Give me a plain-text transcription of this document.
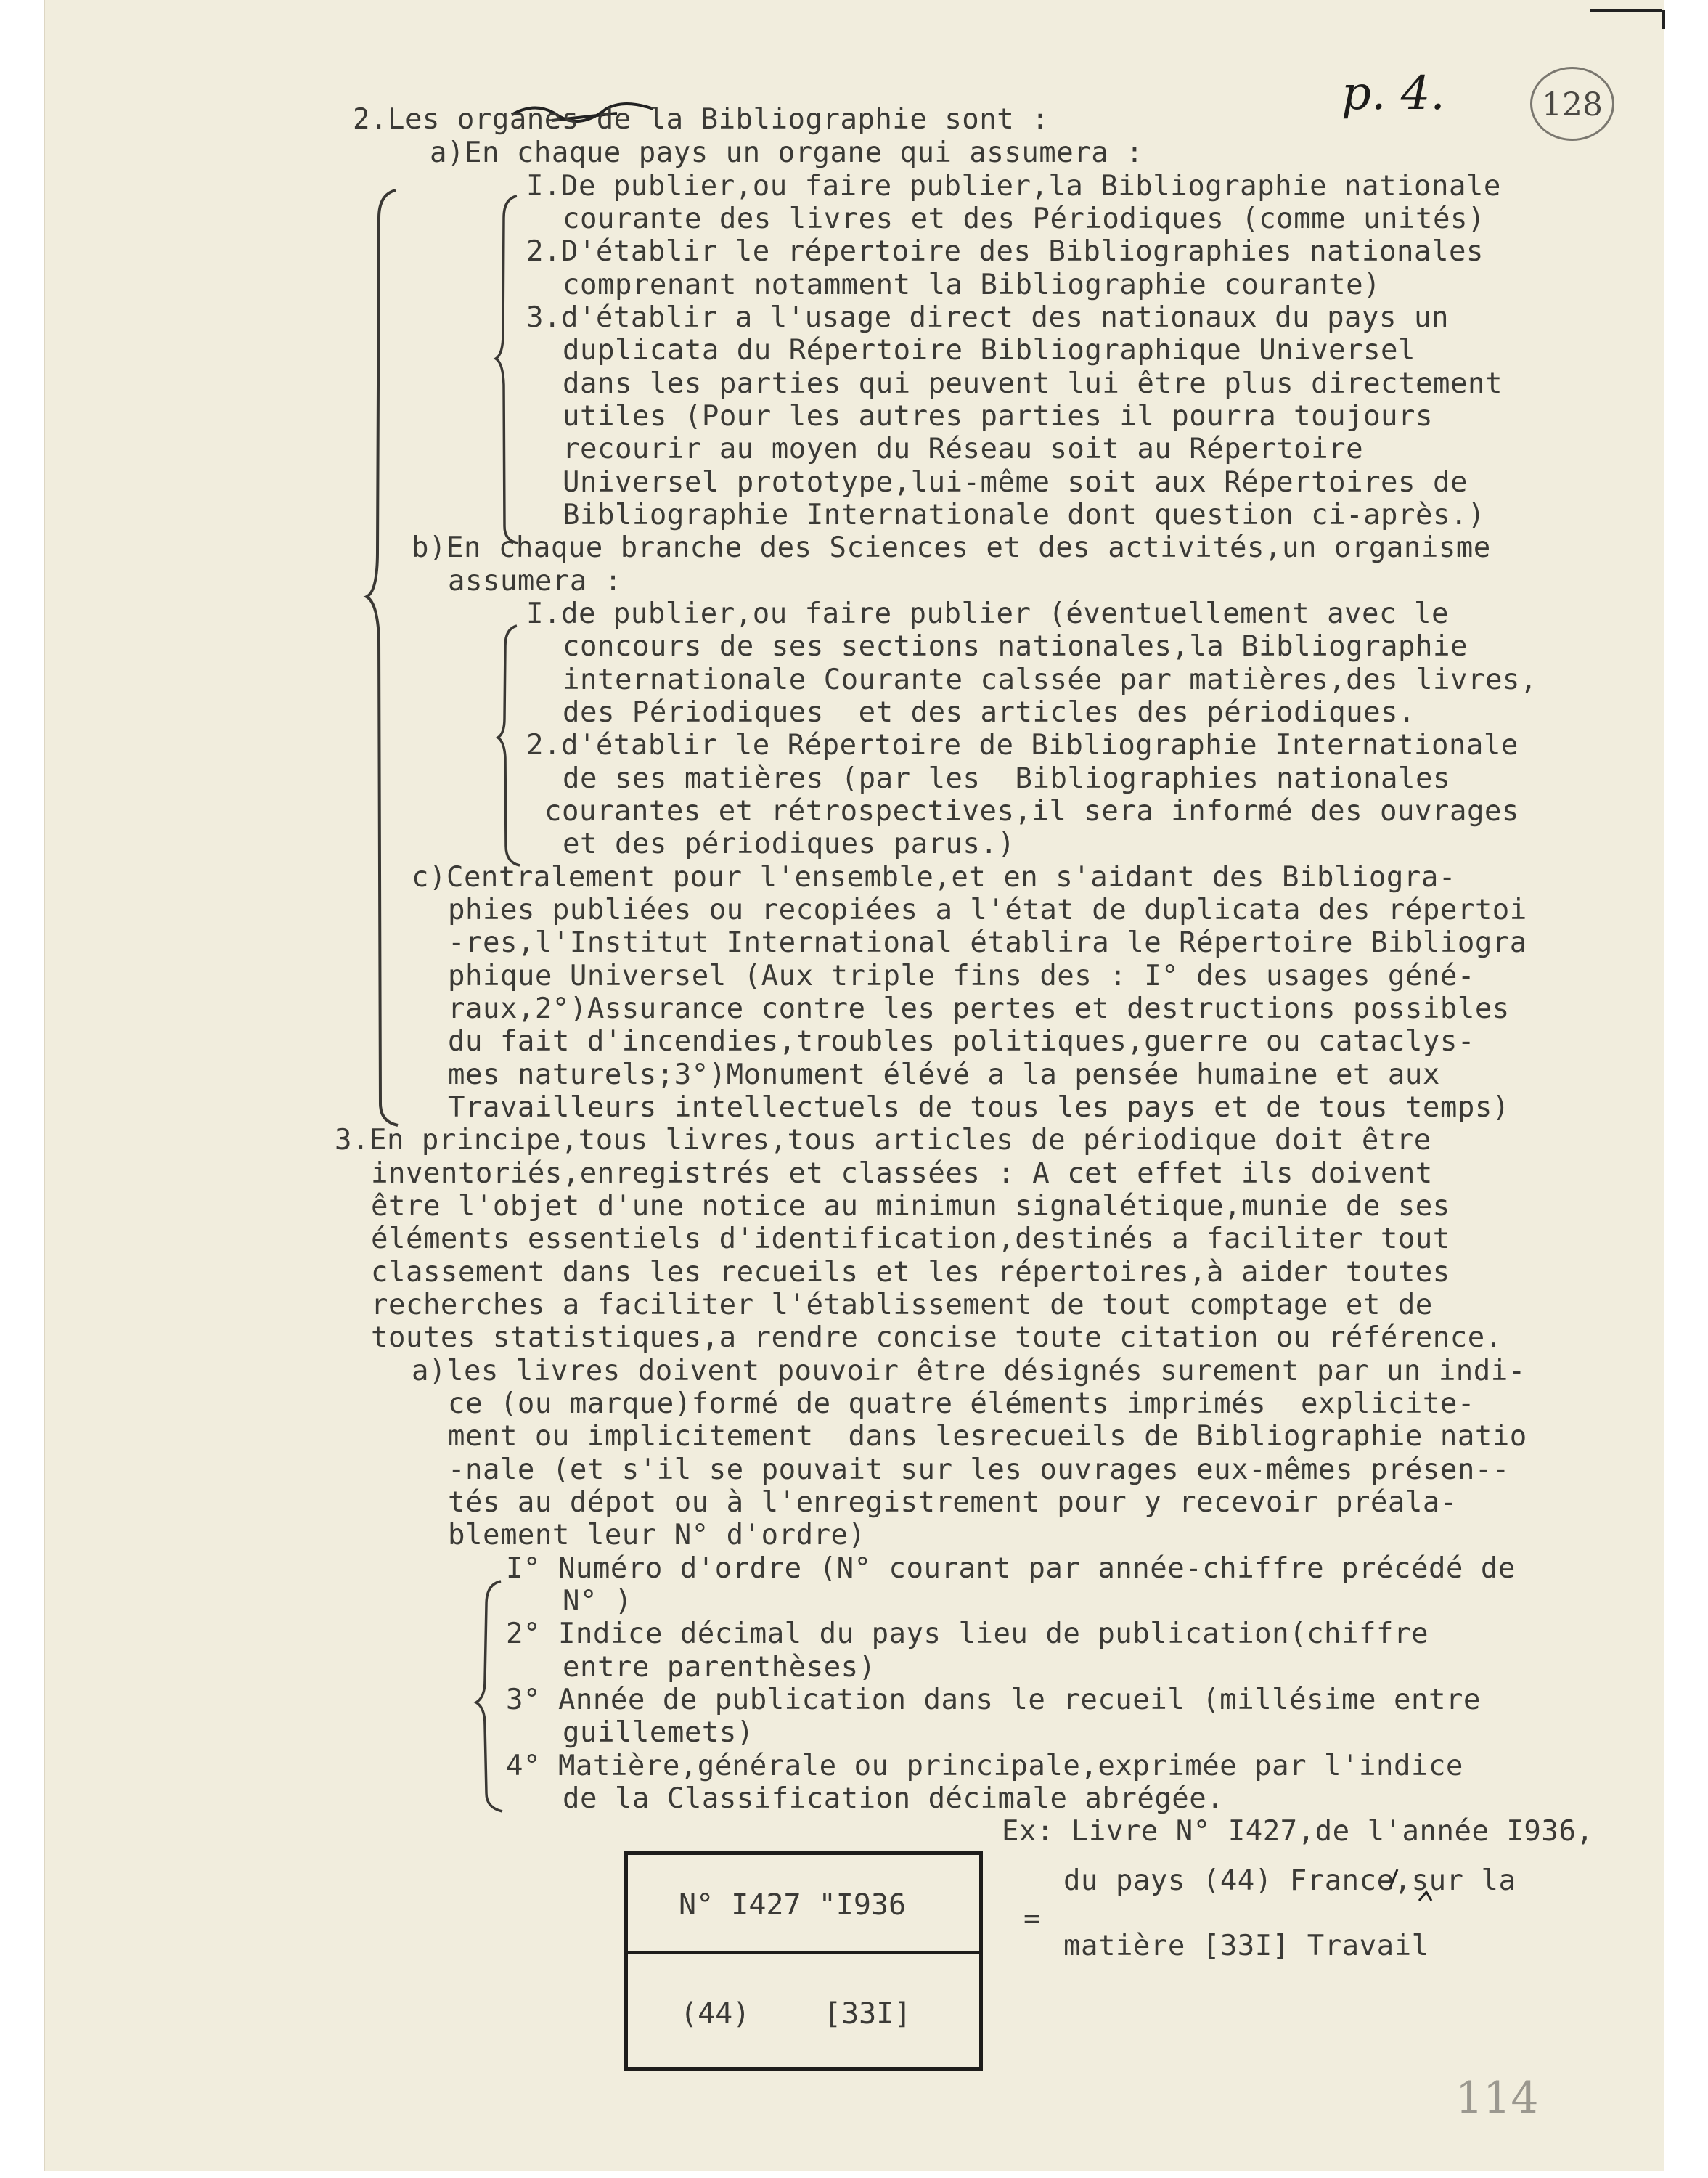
p. 4.	128
2.Les organes de la Bibliographie sont :
a)En chaque pays un organe qui assumera :
I.De publier,ou faire publier,la Bibliographie nationale
courante des livres et des Périodiques (comme unités)
2.D'établir le répertoire des Bibliographies nationales
comprenant notamment la Bibliographie courante)
3.d'établir a l'usage direct des nationaux du pays un
duplicata du Répertoire Bibliographique Universel
dans les parties qui peuvent lui être plus directement
utiles (Pour les autres parties il pourra toujours
recourir au moyen du Réseau soit au Répertoire
Universel prototype,lui-même soit aux Répertoires de
Bibliographie Internationale dont question ci-après.)
b)En chaque branche des Sciences et des activités,un organisme
assumera :
I.de publier,ou faire publier (éventuellement avec le
concours de ses sections nationales,la Bibliographie
internationale Courante calssée par matières,des livres,
des Périodiques  et des articles des périodiques.
2.d'établir le Répertoire de Bibliographie Internationale
de ses matières (par les  Bibliographies nationales
courantes et rétrospectives,il sera informé des ouvrages
et des périodiques parus.)
c)Centralement pour l'ensemble,et en s'aidant des Bibliogra-
phies publiées ou recopiées a l'état de duplicata des répertoi
-res,l'Institut International établira le Répertoire Bibliogra
phique Universel (Aux triple fins des : I° des usages géné-
raux,2°)Assurance contre les pertes et destructions possibles
du fait d'incendies,troubles politiques,guerre ou cataclys-
mes naturels;3°)Monument élévé a la pensée humaine et aux
Travailleurs intellectuels de tous les pays et de tous temps)
3.En principe,tous livres,tous articles de périodique doit être
inventoriés,enregistrés et classées : A cet effet ils doivent
être l'objet d'une notice au minimun signalétique,munie de ses
éléments essentiels d'identification,destinés a faciliter tout
classement dans les recueils et les répertoires,à aider toutes
recherches a faciliter l'établissement de tout comptage et de
toutes statistiques,a rendre concise toute citation ou référence.
a)les livres doivent pouvoir être désignés surement par un indi-
ce (ou marque)formé de quatre éléments imprimés  explicite-
ment ou implicitement  dans lesrecueils de Bibliographie natio
-nale (et s'il se pouvait sur les ouvrages eux-mêmes présen--
tés au dépot ou à l'enregistrement pour y recevoir préala-
blement leur N° d'ordre)
I° Numéro d'ordre (N° courant par année-chiffre précédé de
N° )
2° Indice décimal du pays lieu de publication(chiffre
entre parenthèses)
3° Année de publication dans le recueil (millésime entre
guillemets)
4° Matière,générale ou principale,exprimée par l'indice
de la Classification décimale abrégée.
Ex: Livre N° I427,de l'année I936,
du pays (44) France,sur la
=
matière [33I] Travail
N° I427 "I936
(44)	[33I]
114
